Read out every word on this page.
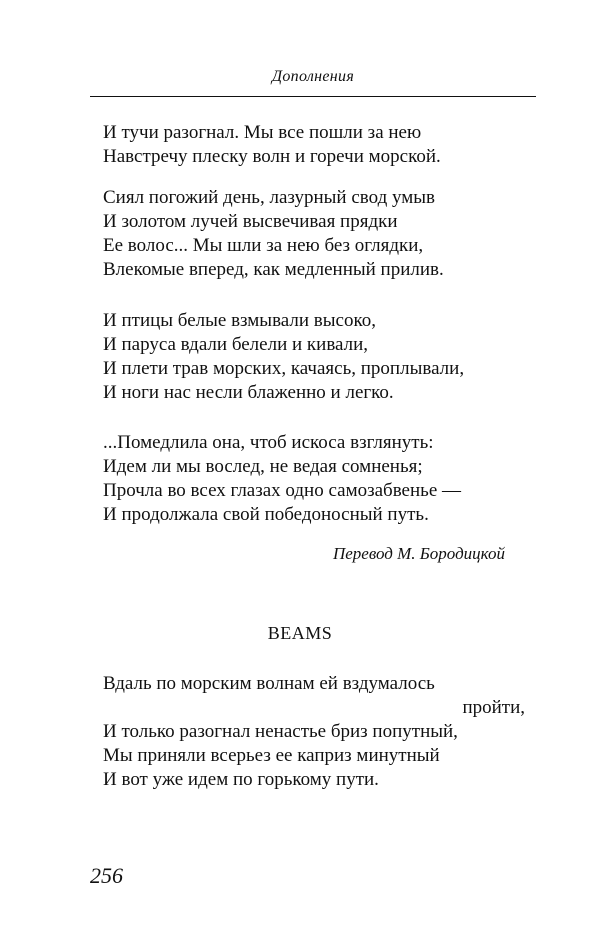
Дополнения
И тучи разогнал. Мы все пошли за нею
Навстречу плеску волн и горечи морской.
Сиял погожий день, лазурный свод умыв
И золотом лучей высвечивая прядки
Ее волос... Мы шли за нею без оглядки,
Влекомые вперед, как медленный прилив.
И птицы белые взмывали высоко,
И паруса вдали белели и кивали,
И плети трав морских, качаясь, проплывали,
И ноги нас несли блаженно и легко.
...Помедлила она, чтоб искоса взглянуть:
Идем ли мы вослед, не ведая сомненья;
Прочла во всех глазах одно самозабвенье —
И продолжала свой победоносный путь.
Перевод М. Бородицкой
BEAMS
Вдаль по морским волнам ей вздумалось
пройти,
И только разогнал ненастье бриз попутный,
Мы приняли всерьез ее каприз минутный
И вот уже идем по горькому пути.
256
